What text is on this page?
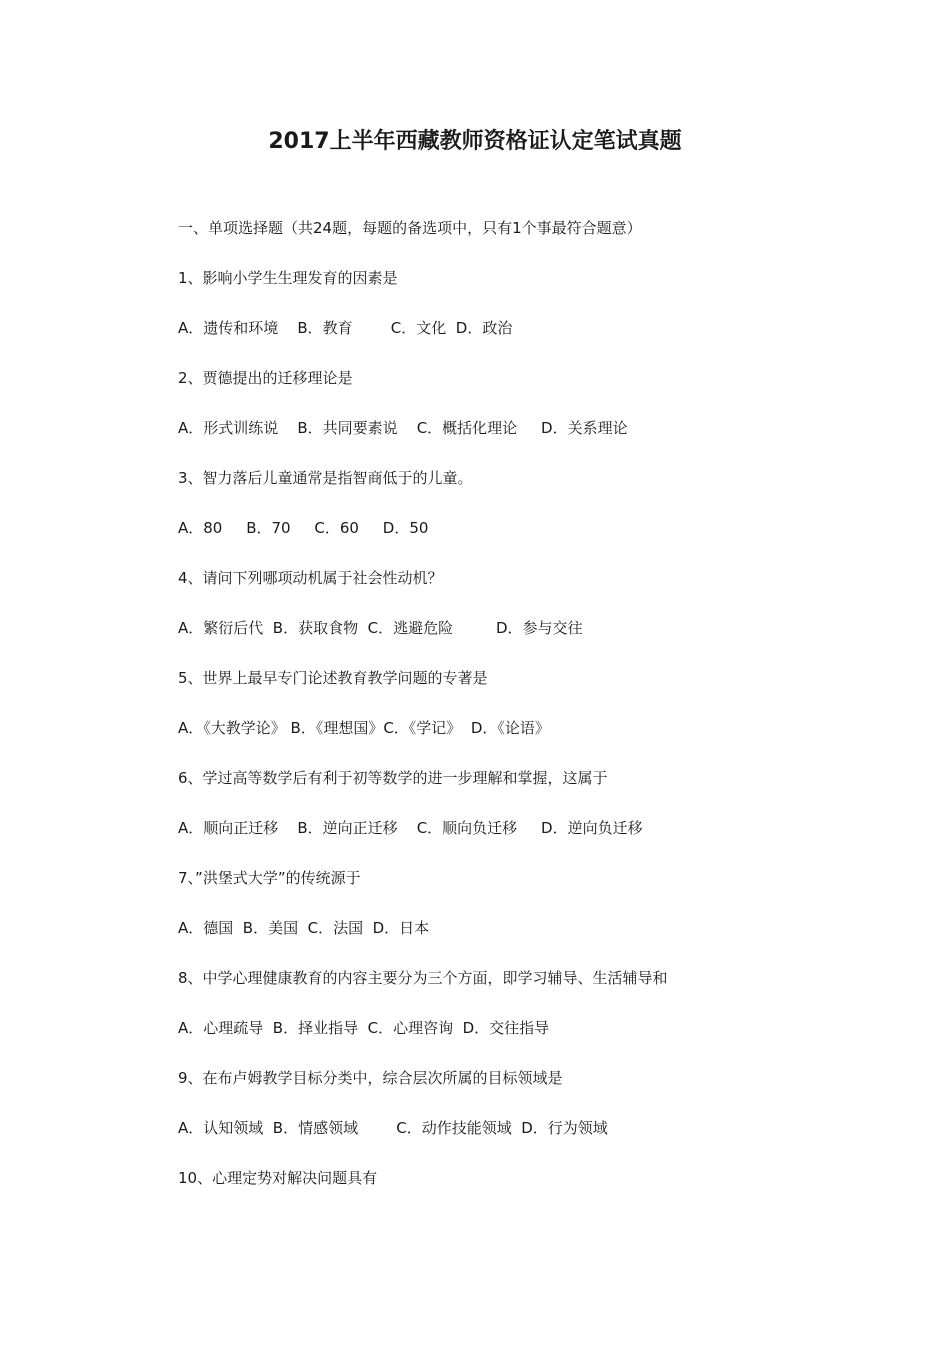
2017上半年西藏教师资格证认定笔试真题
一、单项选择题（共24题，每题的备选项中，只有1个事最符合题意）
1、影响小学生生理发育的因素是
A．遗传和环境    B．教育        C．文化  D．政治
2、贾德提出的迁移理论是
A．形式训练说    B．共同要素说    C．概括化理论     D．关系理论
3、智力落后儿童通常是指智商低于的儿童。
A．80     B．70     C．60     D．50
4、请问下列哪项动机属于社会性动机？
A．繁衍后代  B．获取食物  C．逃避危险         D．参与交往
5、世界上最早专门论述教育教学问题的专著是
A．《大教学论》 B．《理想国》C．《学记》  D．《论语》
6、学过高等数学后有利于初等数学的进一步理解和掌握，这属于
A．顺向正迁移    B．逆向正迁移    C．顺向负迁移     D．逆向负迁移
7、”洪堡式大学”的传统源于
A．德国  B．美国  C．法国  D．日本
8、中学心理健康教育的内容主要分为三个方面，即学习辅导、生活辅导和
A．心理疏导  B．择业指导  C．心理咨询  D．交往指导
9、在布卢姆教学目标分类中，综合层次所属的目标领域是
A．认知领域  B．情感领域        C．动作技能领域  D．行为领域
10、心理定势对解决问题具有
